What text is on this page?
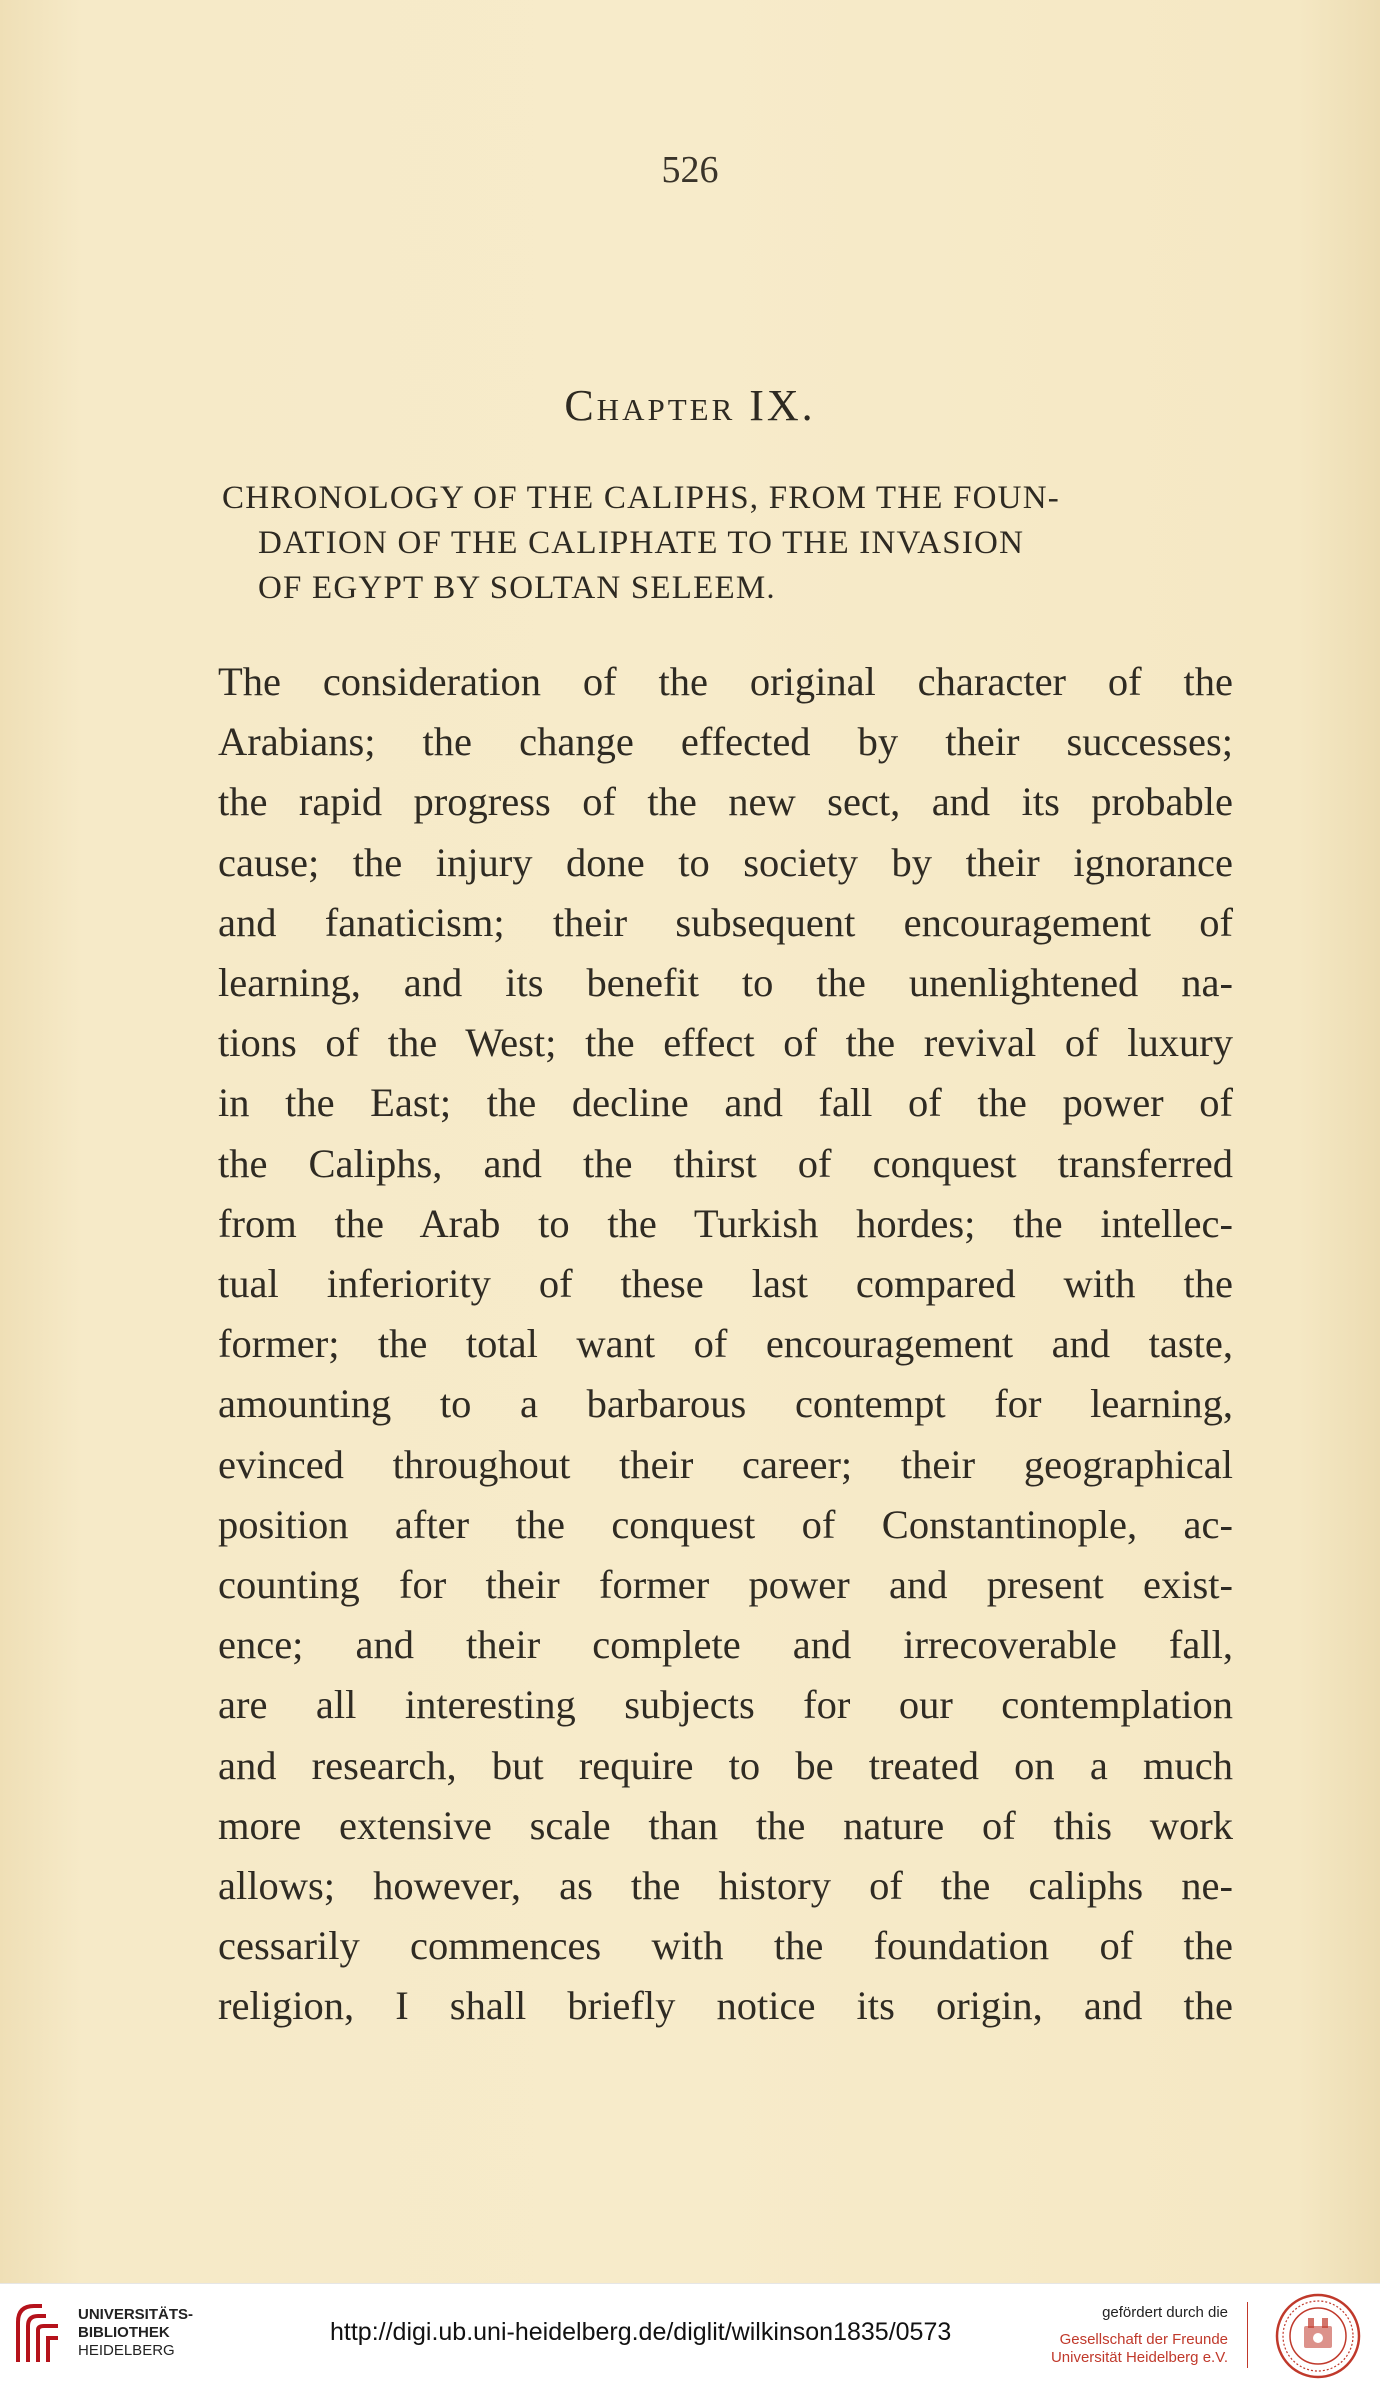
526
Chapter IX.
CHRONOLOGY OF THE CALIPHS, FROM THE FOUN-
DATION OF THE CALIPHATE TO THE INVASION
OF EGYPT BY SOLTAN SELEEM.
The consideration of the original character of the
Arabians; the change effected by their successes;
the rapid progress of the new sect, and its probable
cause; the injury done to society by their ignorance
and fanaticism; their subsequent encouragement of
learning, and its benefit to the unenlightened na-
tions of the West; the effect of the revival of luxury
in the East; the decline and fall of the power of
the Caliphs, and the thirst of conquest transferred
from the Arab to the Turkish hordes; the intellec-
tual inferiority of these last compared with the
former; the total want of encouragement and taste,
amounting to a barbarous contempt for learning,
evinced throughout their career; their geographical
position after the conquest of Constantinople, ac-
counting for their former power and present exist-
ence; and their complete and irrecoverable fall,
are all interesting subjects for our contemplation
and research, but require to be treated on a much
more extensive scale than the nature of this work
allows; however, as the history of the caliphs ne-
cessarily commences with the foundation of the
religion, I shall briefly notice its origin, and the
UNIVERSITÄTS-
BIBLIOTHEK
HEIDELBERG
http://digi.ub.uni-heidelberg.de/diglit/wilkinson1835/0573
gefördert durch die
Gesellschaft der Freunde
Universität Heidelberg e.V.
